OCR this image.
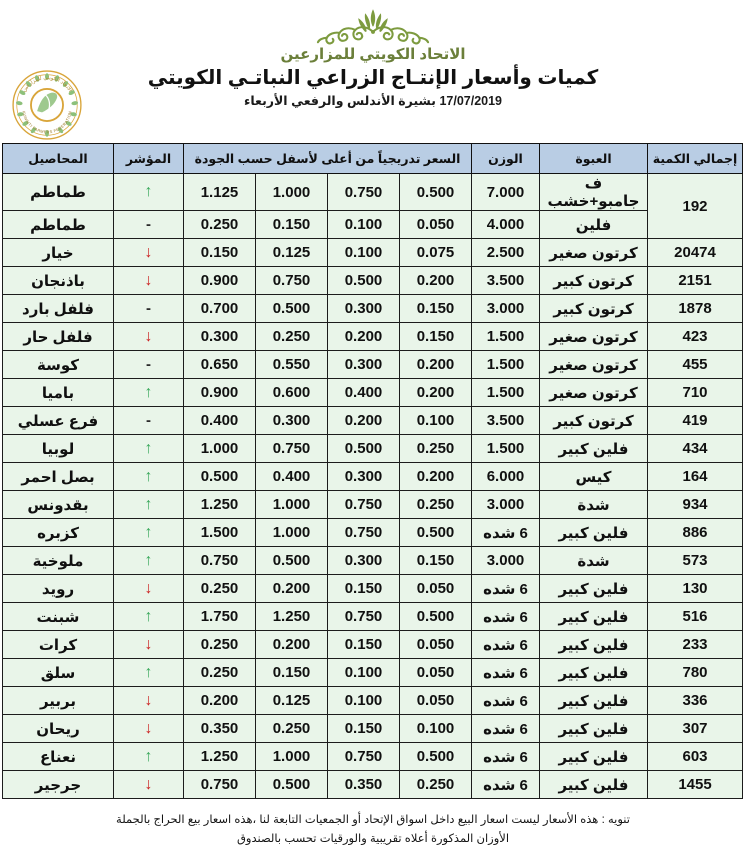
الاتحاد الكويتي للمزارعين
كميات وأسعار الإنتـاج الزراعي النباتـي الكويتي
17/07/2019 بشيرة الأندلس والرفعي الأربعاء
الاتحاد الكويتي للمزارعين
KUWAITI FARMERS FEDERATION
إجمالي الكمية	العبوة	الوزن	السعر تدريجياً من أعلى لأسفل حسب الجودة				المؤشر	المحاصيل
192	ف جامبو+خشب	7.000	0.500	0.750	1.000	1.125	↑	طماطم
	فلين	4.000	0.050	0.100	0.150	0.250	-	طماطم
20474	كرتون صغير	2.500	0.075	0.100	0.125	0.150	↓	خيار
2151	كرتون كبير	3.500	0.200	0.500	0.750	0.900	↓	باذنجان
1878	كرتون كبير	3.000	0.150	0.300	0.500	0.700	-	فلفل بارد
423	كرتون صغير	1.500	0.150	0.200	0.250	0.300	↓	فلفل حار
455	كرتون صغير	1.500	0.200	0.300	0.550	0.650	-	كوسة
710	كرتون صغير	1.500	0.200	0.400	0.600	0.900	↑	باميا
419	كرتون كبير	3.500	0.100	0.200	0.300	0.400	-	فرع عسلي
434	فلين كبير	1.500	0.250	0.500	0.750	1.000	↑	لوبيا
164	كيس	6.000	0.200	0.300	0.400	0.500	↑	بصل احمر
934	شدة	3.000	0.250	0.750	1.000	1.250	↑	بقدونس
886	فلين كبير	6 شده	0.500	0.750	1.000	1.500	↑	كزبره
573	شدة	3.000	0.150	0.300	0.500	0.750	↑	ملوخية
130	فلين كبير	6 شده	0.050	0.150	0.200	0.250	↓	رويد
516	فلين كبير	6 شده	0.500	0.750	1.250	1.750	↑	شبنت
233	فلين كبير	6 شده	0.050	0.150	0.200	0.250	↓	كرات
780	فلين كبير	6 شده	0.050	0.100	0.150	0.250	↑	سلق
336	فلين كبير	6 شده	0.050	0.100	0.125	0.200	↓	بربير
307	فلين كبير	6 شده	0.100	0.150	0.250	0.350	↓	ريحان
603	فلين كبير	6 شده	0.500	0.750	1.000	1.250	↑	نعناع
1455	فلين كبير	6 شده	0.250	0.350	0.500	0.750	↓	جرجير
تنويه : هذه الأسعار ليست اسعار البيع داخل اسواق الإتحاد أو الجمعيات التابعة لنا ،هذه اسعار بيع الحراج بالجملة
الأوزان المذكورة أعلاه تقريبية والورقيات تحسب بالصندوق
